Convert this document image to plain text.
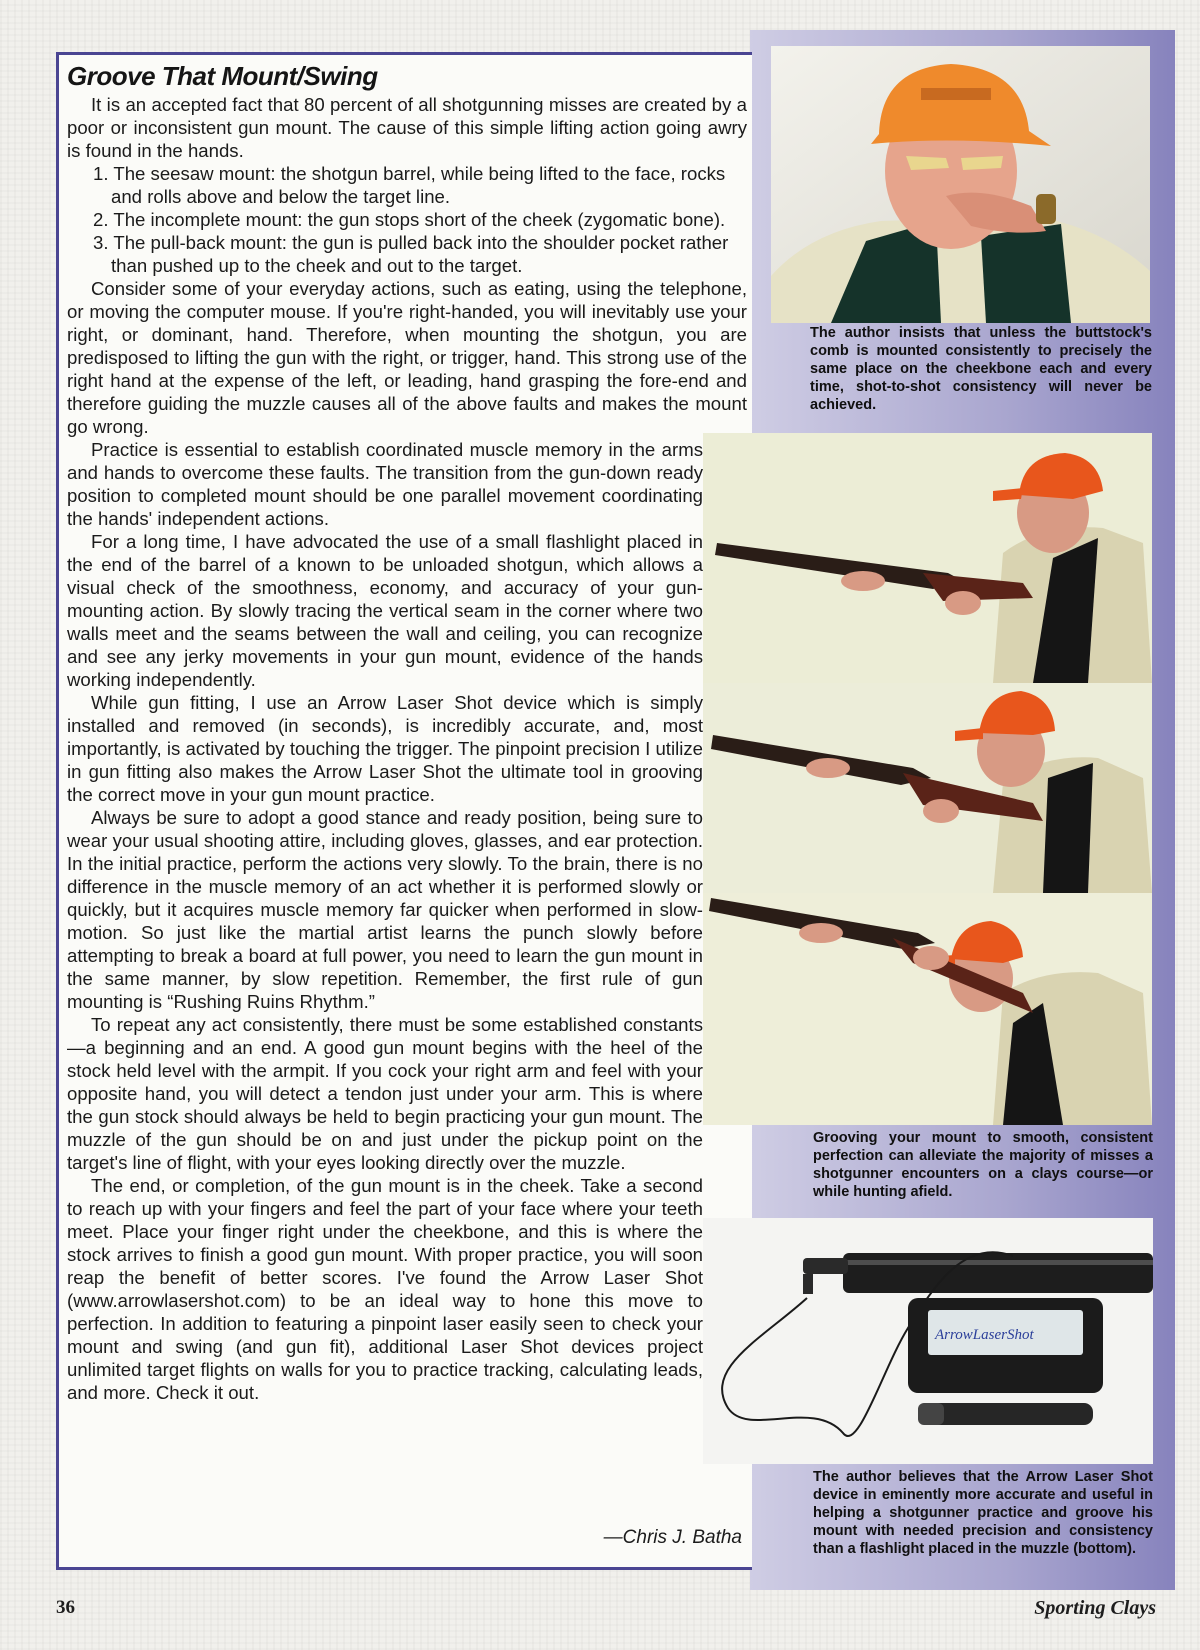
Groove That Mount/Swing

It is an accepted fact that 80 percent of all shotgunning misses are created by a poor or inconsistent gun mount. The cause of this simple lifting action going awry is found in the hands.

1. The seesaw mount: the shotgun barrel, while being lifted to the face, rocks and rolls above and below the target line.
2. The incomplete mount: the gun stops short of the cheek (zygomatic bone).
3. The pull-back mount: the gun is pulled back into the shoulder pocket rather than pushed up to the cheek and out to the target.

Consider some of your everyday actions, such as eating, using the telephone, or moving the computer mouse. If you're right-handed, you will inevitably use your right, or dominant, hand. Therefore, when mounting the shotgun, you are predisposed to lifting the gun with the right, or trigger, hand. This strong use of the right hand at the expense of the left, or leading, hand grasping the fore-end and therefore guiding the muzzle causes all of the above faults and makes the mount go wrong.

Practice is essential to establish coordinated muscle memory in the arms and hands to overcome these faults. The transition from the gun-down ready position to completed mount should be one parallel movement coordinating the hands' independent actions.

For a long time, I have advocated the use of a small flashlight placed in the end of the barrel of a known to be unloaded shotgun, which allows a visual check of the smoothness, economy, and accuracy of your gun-mounting action. By slowly tracing the vertical seam in the corner where two walls meet and the seams between the wall and ceiling, you can recognize and see any jerky movements in your gun mount, evidence of the hands working independently.

While gun fitting, I use an Arrow Laser Shot device which is simply installed and removed (in seconds), is incredibly accurate, and, most importantly, is activated by touching the trigger. The pinpoint precision I utilize in gun fitting also makes the Arrow Laser Shot the ultimate tool in grooving the correct move in your gun mount practice.

Always be sure to adopt a good stance and ready position, being sure to wear your usual shooting attire, including gloves, glasses, and ear protection. In the initial practice, perform the actions very slowly. To the brain, there is no difference in the muscle memory of an act whether it is performed slowly or quickly, but it acquires muscle memory far quicker when performed in slow-motion. So just like the martial artist learns the punch slowly before attempting to break a board at full power, you need to learn the gun mount in the same manner, by slow repetition. Remember, the first rule of gun mounting is “Rushing Ruins Rhythm.”

To repeat any act consistently, there must be some established constants—a beginning and an end. A good gun mount begins with the heel of the stock held level with the armpit. If you cock your right arm and feel with your opposite hand, you will detect a tendon just under your arm. This is where the gun stock should always be held to begin practicing your gun mount. The muzzle of the gun should be on and just under the pickup point on the target's line of flight, with your eyes looking directly over the muzzle.

The end, or completion, of the gun mount is in the cheek. Take a second to reach up with your fingers and feel the part of your face where your teeth meet. Place your finger right under the cheekbone, and this is where the stock arrives to finish a good gun mount. With proper practice, you will soon reap the benefit of better scores. I've found the Arrow Laser Shot (www.arrowlasershot.com) to be an ideal way to hone this move to perfection. In addition to featuring a pinpoint laser easily seen to check your mount and swing (and gun fit), additional Laser Shot devices project unlimited target flights on walls for you to practice tracking, calculating leads, and more. Check it out.

—Chris J. Batha
The author insists that unless the buttstock's comb is mounted consistently to precisely the same place on the cheekbone each and every time, shot-to-shot consistency will never be achieved.
Grooving your mount to smooth, consistent perfection can alleviate the majority of misses a shotgunner encounters on a clays course—or while hunting afield.
ArrowLaserShot
The author believes that the Arrow Laser Shot device in eminently more accurate and useful in helping a shotgunner practice and groove his mount with needed precision and consistency than a flashlight placed in the muzzle (bottom).
36	Sporting Clays
